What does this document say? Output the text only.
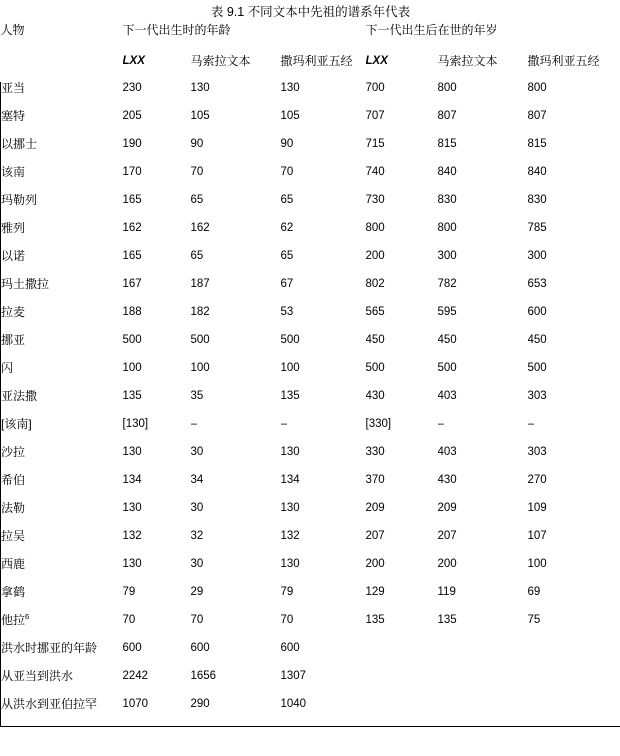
表 9.1 不同文本中先祖的谱系年代表						
人物	下一代出生时的年龄			下一代出生后在世的年岁		
	LXX	马索拉文本	撒玛利亚五经	LXX	马索拉文本	撒玛利亚五经
亚当	230	130	130	700	800	800
塞特	205	105	105	707	807	807
以挪士	190	90	90	715	815	815
该南	170	70	70	740	840	840
玛勒列	165	65	65	730	830	830
雅列	162	162	62	800	800	785
以诺	165	65	65	200	300	300
玛土撒拉	167	187	67	802	782	653
拉麦	188	182	53	565	595	600
挪亚	500	500	500	450	450	450
闪	100	100	100	500	500	500
亚法撒	135	35	135	430	403	303
[该南]	[130]	–	–	[330]	–	–
沙拉	130	30	130	330	403	303
希伯	134	34	134	370	430	270
法勒	130	30	130	209	209	109
拉吴	132	32	132	207	207	107
西鹿	130	30	130	200	200	100
拿鹤	79	29	79	129	119	69
他拉$^6$	70	70	70	135	135	75
洪水时挪亚的年龄	600	600	600			
从亚当到洪水	2242	1656	1307			
从洪水到亚伯拉罕	1070	290	1040			
